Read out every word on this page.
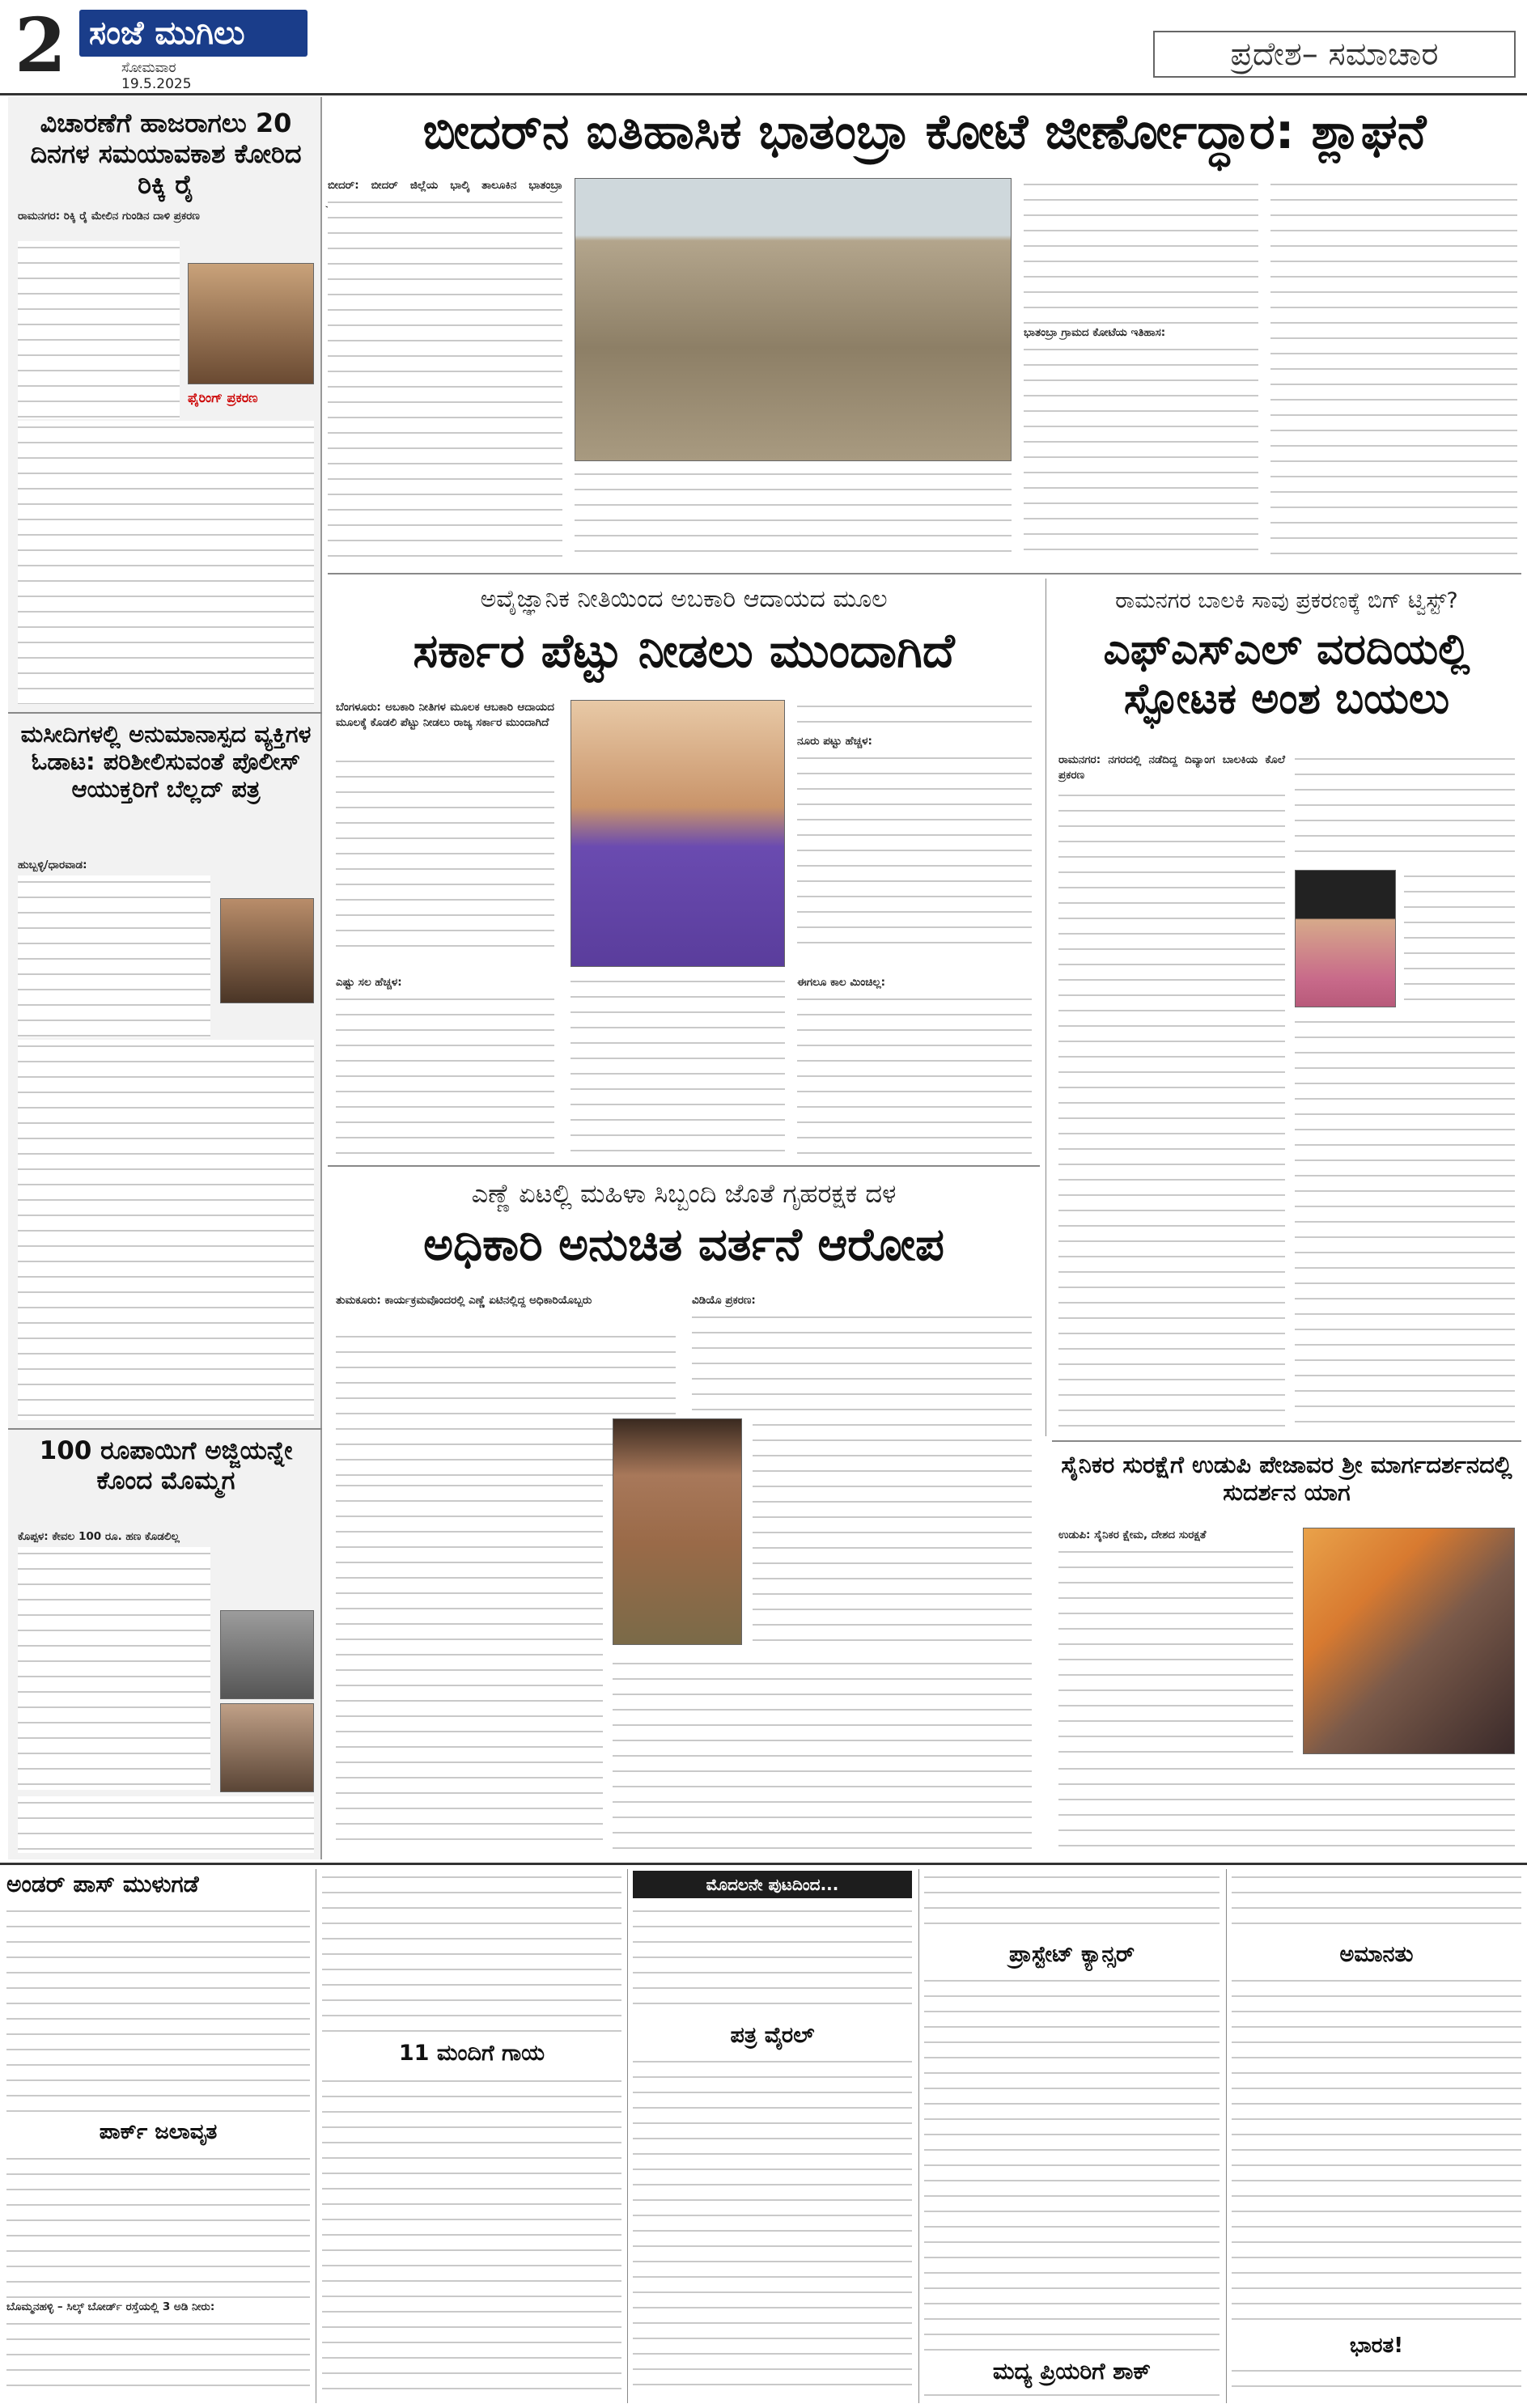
2 ಸಂಜೆ ಮುಗಿಲು
ಸೋಮವಾರ
19.5.2025
ಪ್ರದೇಶ– ಸಮಾಚಾರ
ವಿಚಾರಣೆಗೆ ಹಾಜರಾಗಲು 20 ದಿನಗಳ ಸಮಯಾವಕಾಶ ಕೋರಿದ ರಿಕ್ಕಿ ರೈ
ರಾಮನಗರ: ರಿಕ್ಕಿ ರೈ ಮೇಲಿನ ಗುಂಡಿನ ದಾಳಿ ಪ್ರಕರಣ
ಫೈರಿಂಗ್ ಪ್ರಕರಣ
ಮಸೀದಿಗಳಲ್ಲಿ ಅನುಮಾನಾಸ್ಪದ ವ್ಯಕ್ತಿಗಳ ಓಡಾಟ: ಪರಿಶೀಲಿಸುವಂತೆ ಪೊಲೀಸ್ ಆಯುಕ್ತರಿಗೆ ಬೆಲ್ಲದ್ ಪತ್ರ
ಹುಬ್ಬಳ್ಳಿ/ಧಾರವಾಡ:
100 ರೂಪಾಯಿಗೆ ಅಜ್ಜಿಯನ್ನೇ ಕೊಂದ ಮೊಮ್ಮಗ
ಕೊಪ್ಪಳ: ಕೇವಲ 100 ರೂ. ಹಣ ಕೊಡಲಿಲ್ಲ
ಬೀದರ್‌ನ ಐತಿಹಾಸಿಕ ಭಾತಂಬ್ರಾ ಕೋಟೆ ಜೀರ್ಣೋದ್ಧಾರ: ಶ್ಲಾಘನೆ
ಬೀದರ್: ಬೀದರ್ ಜಿಲ್ಲೆಯ ಭಾಲ್ಕಿ ತಾಲೂಕಿನ ಭಾತಂಬ್ರಾ
ಭಾತಂಬ್ರಾ ಗ್ರಾಮದ ಕೋಟೆಯ ಇತಿಹಾಸ:
ಅವೈಜ್ಞಾನಿಕ ನೀತಿಯಿಂದ ಅಬಕಾರಿ ಆದಾಯದ ಮೂಲ
ಸರ್ಕಾರ ಪೆಟ್ಟು ನೀಡಲು ಮುಂದಾಗಿದೆ
ಬೆಂಗಳೂರು: ಅಬಕಾರಿ ನೀತಿಗಳ ಮೂಲಕ ಆಬಕಾರಿ ಆದಾಯದ ಮೂಲಕ್ಕೆ ಕೊಡಲಿ ಪೆಟ್ಟು ನೀಡಲು ರಾಜ್ಯ ಸರ್ಕಾರ ಮುಂದಾಗಿದೆ
ನೂರು ಪಟ್ಟು ಹೆಚ್ಚಳ:
ಎಷ್ಟು ಸಲ ಹೆಚ್ಚಳ:	ಈಗಲೂ ಕಾಲ ಮಿಂಚಿಲ್ಲ:
ರಾಮನಗರ ಬಾಲಕಿ ಸಾವು ಪ್ರಕರಣಕ್ಕೆ ಬಿಗ್ ಟ್ವಿಸ್ಟ್?
ಎಫ್ಎಸ್ಎಲ್ ವರದಿಯಲ್ಲಿ ಸ್ಫೋಟಕ ಅಂಶ ಬಯಲು
ರಾಮನಗರ: ನಗರದಲ್ಲಿ ನಡೆದಿದ್ದ ದಿವ್ಯಾಂಗ ಬಾಲಕಿಯ ಕೊಲೆ ಪ್ರಕರಣ
ಎಣ್ಣೆ ಏಟಲ್ಲಿ ಮಹಿಳಾ ಸಿಬ್ಬಂದಿ ಜೊತೆ ಗೃಹರಕ್ಷಕ ದಳ
ಅಧಿಕಾರಿ ಅನುಚಿತ ವರ್ತನೆ ಆರೋಪ
ತುಮಕೂರು: ಕಾರ್ಯಕ್ರಮವೊಂದರಲ್ಲಿ ಎಣ್ಣೆ ಏಟಿನಲ್ಲಿದ್ದ ಅಧಿಕಾರಿಯೊಬ್ಬರು	ವಿಡಿಯೊ ಪ್ರಕರಣ:
ಸೈನಿಕರ ಸುರಕ್ಷೆಗೆ ಉಡುಪಿ ಪೇಜಾವರ ಶ್ರೀ ಮಾರ್ಗದರ್ಶನದಲ್ಲಿ ಸುದರ್ಶನ ಯಾಗ
ಉಡುಪಿ: ಸೈನಿಕರ ಕ್ಷೇಮ, ದೇಶದ ಸುರಕ್ಷತೆ
ಅಂಡರ್ ಪಾಸ್ ಮುಳುಗಡೆ
ಪಾರ್ಕ್ ಜಲಾವೃತ
ಬೊಮ್ಮನಹಳ್ಳಿ – ಸಿಲ್ಕ್ ಬೋರ್ಡ್ ರಸ್ತೆಯಲ್ಲಿ 3 ಅಡಿ ನೀರು:
11 ಮಂದಿಗೆ ಗಾಯ
ಮೊದಲನೇ ಪುಟದಿಂದ...
ಪತ್ರ ವೈರಲ್
ಪ್ರಾಸ್ಟೇಟ್ ಕ್ಯಾನ್ಸರ್
ಮದ್ಯ ಪ್ರಿಯರಿಗೆ ಶಾಕ್
ಅಮಾನತು
ಭಾರತ!
